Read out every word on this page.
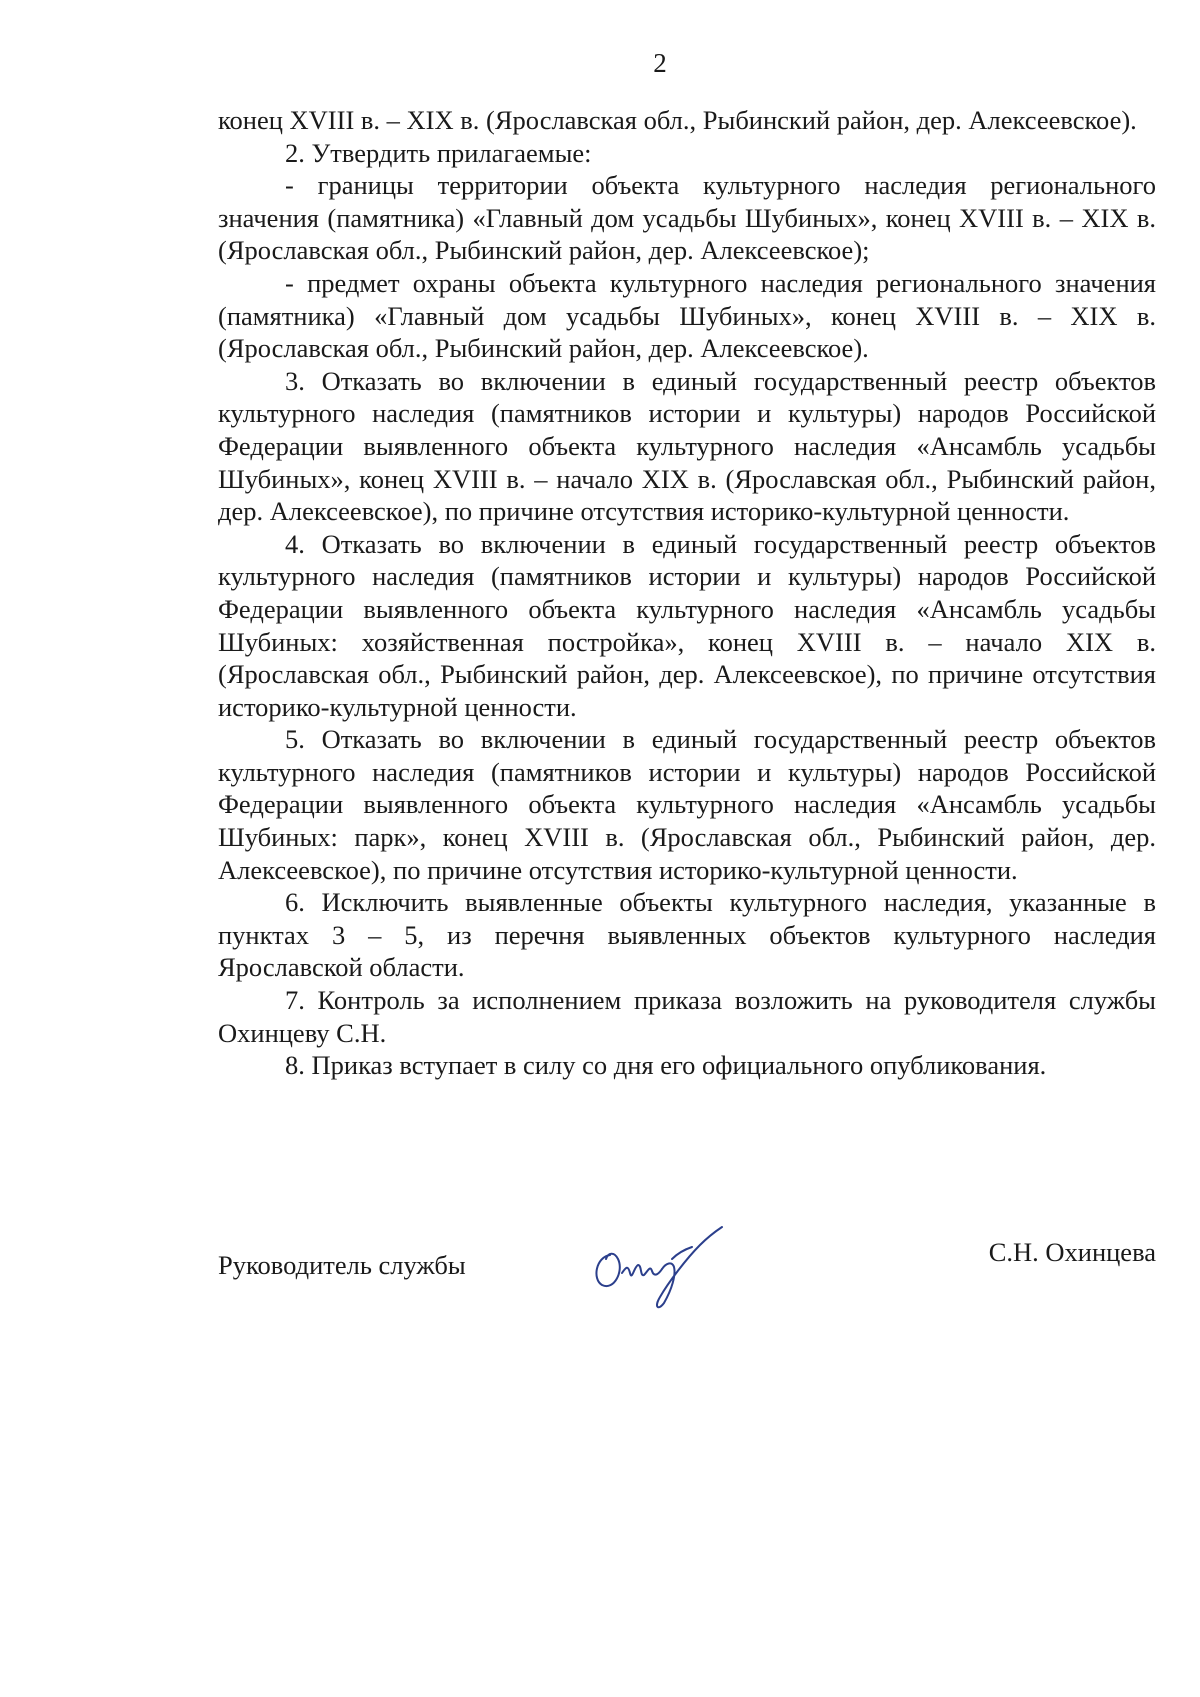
2

конец XVIII в. – XIX в. (Ярославская обл., Рыбинский район, дер. Алексеевское).

2. Утвердить прилагаемые:

- границы территории объекта культурного наследия регионального значения (памятника) «Главный дом усадьбы Шубиных», конец XVIII в. – XIX в. (Ярославская обл., Рыбинский район, дер. Алексеевское);

- предмет охраны объекта культурного наследия регионального значения (памятника) «Главный дом усадьбы Шубиных», конец XVIII в. – XIX в. (Ярославская обл., Рыбинский район, дер. Алексеевское).

3. Отказать во включении в единый государственный реестр объектов культурного наследия (памятников истории и культуры) народов Российской Федерации выявленного объекта культурного наследия «Ансамбль усадьбы Шубиных», конец XVIII в. – начало XIX в. (Ярославская обл., Рыбинский район, дер. Алексеевское), по причине отсутствия историко-культурной ценности.

4. Отказать во включении в единый государственный реестр объектов культурного наследия (памятников истории и культуры) народов Российской Федерации выявленного объекта культурного наследия «Ансамбль усадьбы Шубиных: хозяйственная постройка», конец XVIII в. – начало XIX в. (Ярославская обл., Рыбинский район, дер. Алексеевское), по причине отсутствия историко-культурной ценности.

5. Отказать во включении в единый государственный реестр объектов культурного наследия (памятников истории и культуры) народов Российской Федерации выявленного объекта культурного наследия «Ансамбль усадьбы Шубиных: парк», конец XVIII в. (Ярославская обл., Рыбинский район, дер. Алексеевское), по причине отсутствия историко-культурной ценности.

6. Исключить выявленные объекты культурного наследия, указанные в пунктах 3 – 5, из перечня выявленных объектов культурного наследия Ярославской области.

7. Контроль за исполнением приказа возложить на руководителя службы Охинцеву С.Н.

8. Приказ вступает в силу со дня его официального опубликования.

Руководитель службы	С.Н. Охинцева
